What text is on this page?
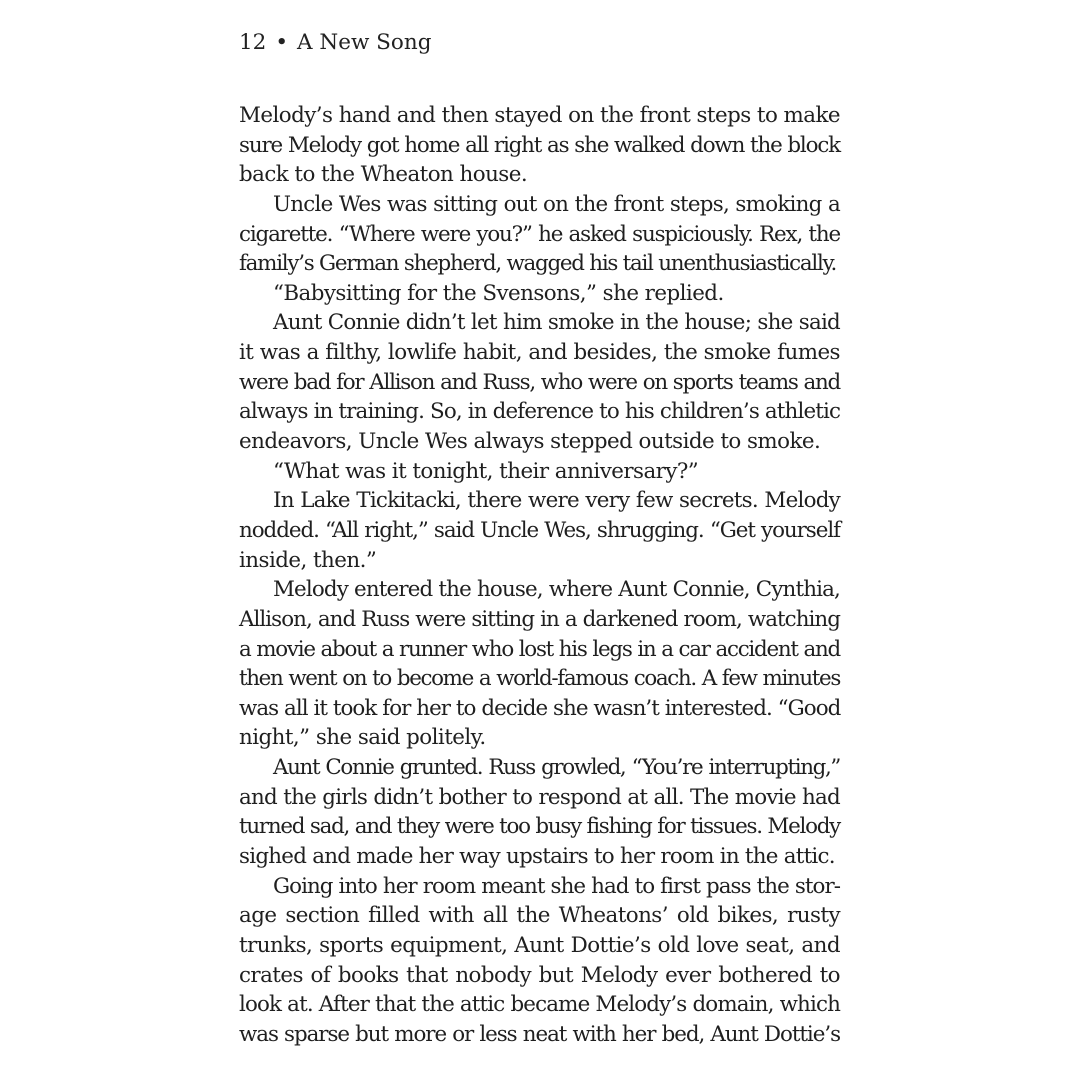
12 • A New Song
Melody’s hand and then stayed on the front steps to make
sure Melody got home all right as she walked down the block
back to the Wheaton house.
Uncle Wes was sitting out on the front steps, smoking a
cigarette. “Where were you?” he asked suspiciously. Rex, the
family’s German shepherd, wagged his tail unenthusiastically.
“Babysitting for the Svensons,” she replied.
Aunt Connie didn’t let him smoke in the house; she said
it was a filthy, lowlife habit, and besides, the smoke fumes
were bad for Allison and Russ, who were on sports teams and
always in training. So, in deference to his children’s athletic
endeavors, Uncle Wes always stepped outside to smoke.
“What was it tonight, their anniversary?”
In Lake Tickitacki, there were very few secrets. Melody
nodded. “All right,” said Uncle Wes, shrugging. “Get yourself
inside, then.”
Melody entered the house, where Aunt Connie, Cynthia,
Allison, and Russ were sitting in a darkened room, watching
a movie about a runner who lost his legs in a car accident and
then went on to become a world-famous coach. A few minutes
was all it took for her to decide she wasn’t interested. “Good
night,” she said politely.
Aunt Connie grunted. Russ growled, “You’re interrupting,”
and the girls didn’t bother to respond at all. The movie had
turned sad, and they were too busy fishing for tissues. Melody
sighed and made her way upstairs to her room in the attic.
Going into her room meant she had to first pass the stor-
age section filled with all the Wheatons’ old bikes, rusty
trunks, sports equipment, Aunt Dottie’s old love seat, and
crates of books that nobody but Melody ever bothered to
look at. After that the attic became Melody’s domain, which
was sparse but more or less neat with her bed, Aunt Dottie’s
